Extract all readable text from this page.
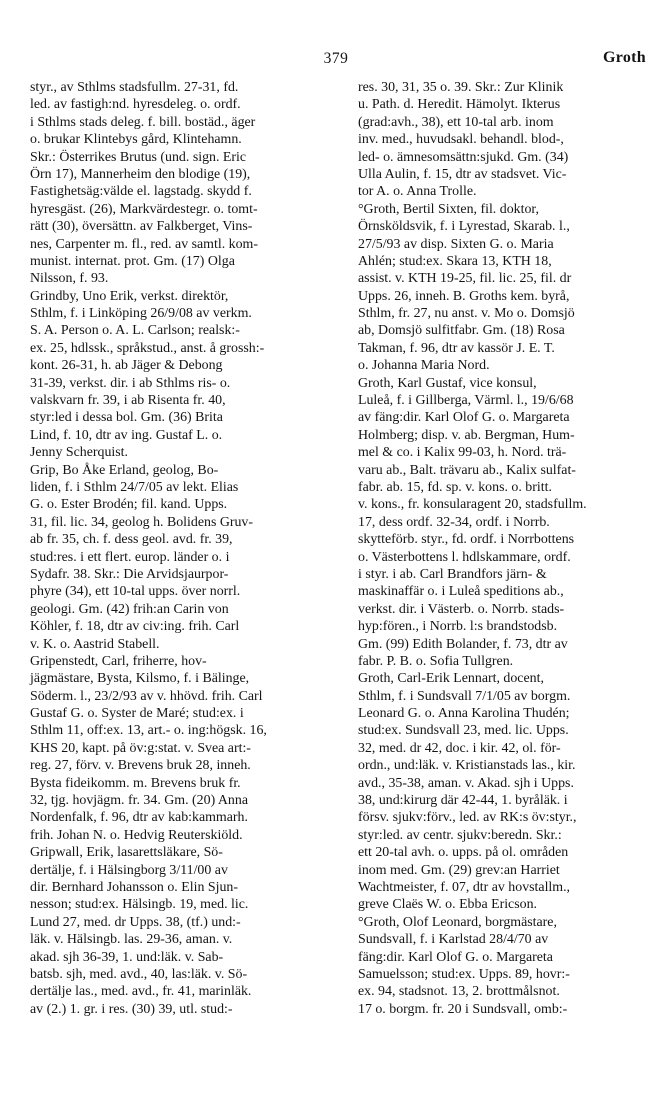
379	Groth
styr., av Sthlms stadsfullm. 27-31, fd.
led. av fastigh:nd. hyresdeleg. o. ordf.
i Sthlms stads deleg. f. bill. bostäd., äger
o. brukar Klintebys gård, Klintehamn.
Skr.: Österrikes Brutus (und. sign. Eric
Örn 17), Mannerheim den blodige (19),
Fastighetsäg:välde el. lagstadg. skydd f.
hyresgäst. (26), Markvärdestegr. o. tomt-
rätt (30), översättn. av Falkberget, Vins-
nes, Carpenter m. fl., red. av samtl. kom-
munist. internat. prot. Gm. (17) Olga
Nilsson, f. 93.
Grindby, Uno Erik, verkst. direktör,
Sthlm, f. i Linköping 26/9/08 av verkm.
S. A. Person o. A. L. Carlson; realsk:-
ex. 25, hdlssk., språkstud., anst. å grossh:-
kont. 26-31, h. ab Jäger & Debong
31-39, verkst. dir. i ab Sthlms ris- o.
valskvarn fr. 39, i ab Risenta fr. 40,
styr:led i dessa bol. Gm. (36) Brita
Lind, f. 10, dtr av ing. Gustaf L. o.
Jenny Scherquist.
Grip, Bo Åke Erland, geolog, Bo-
liden, f. i Sthlm 24/7/05 av lekt. Elias
G. o. Ester Brodén; fil. kand. Upps.
31, fil. lic. 34, geolog h. Bolidens Gruv-
ab fr. 35, ch. f. dess geol. avd. fr. 39,
stud:res. i ett flert. europ. länder o. i
Sydafr. 38. Skr.: Die Arvidsjaurpor-
phyre (34), ett 10-tal upps. över norrl.
geologi. Gm. (42) frih:an Carin von
Köhler, f. 18, dtr av civ:ing. frih. Carl
v. K. o. Aastrid Stabell.
Gripenstedt, Carl, friherre, hov-
jägmästare, Bysta, Kilsmo, f. i Bälinge,
Söderm. l., 23/2/93 av v. hhövd. frih. Carl
Gustaf G. o. Syster de Maré; stud:ex. i
Sthlm 11, off:ex. 13, art.- o. ing:högsk. 16,
KHS 20, kapt. på öv:g:stat. v. Svea art:-
reg. 27, förv. v. Brevens bruk 28, inneh.
Bysta fideikomm. m. Brevens bruk fr.
32, tjg. hovjägm. fr. 34. Gm. (20) Anna
Nordenfalk, f. 96, dtr av kab:kammarh.
frih. Johan N. o. Hedvig Reuterskiöld.
Gripwall, Erik, lasarettsläkare, Sö-
dertälje, f. i Hälsingborg 3/11/00 av
dir. Bernhard Johansson o. Elin Sjun-
nesson; stud:ex. Hälsingb. 19, med. lic.
Lund 27, med. dr Upps. 38, (tf.) und:-
läk. v. Hälsingb. las. 29-36, aman. v.
akad. sjh 36-39, 1. und:läk. v. Sab-
batsb. sjh, med. avd., 40, las:läk. v. Sö-
dertälje las., med. avd., fr. 41, marinläk.
av (2.) 1. gr. i res. (30) 39, utl. stud:-
res. 30, 31, 35 o. 39. Skr.: Zur Klinik
u. Path. d. Heredit. Hämolyt. Ikterus
(grad:avh., 38), ett 10-tal arb. inom
inv. med., huvudsakl. behandl. blod-,
led- o. ämnesomsättn:sjukd. Gm. (34)
Ulla Aulin, f. 15, dtr av stadsvet. Vic-
tor A. o. Anna Trolle.
°Groth, Bertil Sixten, fil. doktor,
Örnsköldsvik, f. i Lyrestad, Skarab. l.,
27/5/93 av disp. Sixten G. o. Maria
Ahlén; stud:ex. Skara 13, KTH 18,
assist. v. KTH 19-25, fil. lic. 25, fil. dr
Upps. 26, inneh. B. Groths kem. byrå,
Sthlm, fr. 27, nu anst. v. Mo o. Domsjö
ab, Domsjö sulfitfabr. Gm. (18) Rosa
Takman, f. 96, dtr av kassör J. E. T.
o. Johanna Maria Nord.
Groth, Karl Gustaf, vice konsul,
Luleå, f. i Gillberga, Värml. l., 19/6/68
av fäng:dir. Karl Olof G. o. Margareta
Holmberg; disp. v. ab. Bergman, Hum-
mel & co. i Kalix 99-03, h. Nord. trä-
varu ab., Balt. trävaru ab., Kalix sulfat-
fabr. ab. 15, fd. sp. v. kons. o. britt.
v. kons., fr. konsularagent 20, stadsfullm.
17, dess ordf. 32-34, ordf. i Norrb.
skytteförb. styr., fd. ordf. i Norrbottens
o. Västerbottens l. hdlskammare, ordf.
i styr. i ab. Carl Brandfors järn- &
maskinaffär o. i Luleå speditions ab.,
verkst. dir. i Västerb. o. Norrb. stads-
hyp:fören., i Norrb. l:s brandstodsb.
Gm. (99) Edith Bolander, f. 73, dtr av
fabr. P. B. o. Sofia Tullgren.
Groth, Carl-Erik Lennart, docent,
Sthlm, f. i Sundsvall 7/1/05 av borgm.
Leonard G. o. Anna Karolina Thudén;
stud:ex. Sundsvall 23, med. lic. Upps.
32, med. dr 42, doc. i kir. 42, ol. för-
ordn., und:läk. v. Kristianstads las., kir.
avd., 35-38, aman. v. Akad. sjh i Upps.
38, und:kirurg där 42-44, 1. byråläk. i
försv. sjukv:förv., led. av RK:s öv:styr.,
styr:led. av centr. sjukv:beredn. Skr.:
ett 20-tal avh. o. upps. på ol. områden
inom med. Gm. (29) grev:an Harriet
Wachtmeister, f. 07, dtr av hovstallm.,
greve Claës W. o. Ebba Ericson.
°Groth, Olof Leonard, borgmästare,
Sundsvall, f. i Karlstad 28/4/70 av
fäng:dir. Karl Olof G. o. Margareta
Samuelsson; stud:ex. Upps. 89, hovr:-
ex. 94, stadsnot. 13, 2. brottmålsnot.
17 o. borgm. fr. 20 i Sundsvall, omb:-
